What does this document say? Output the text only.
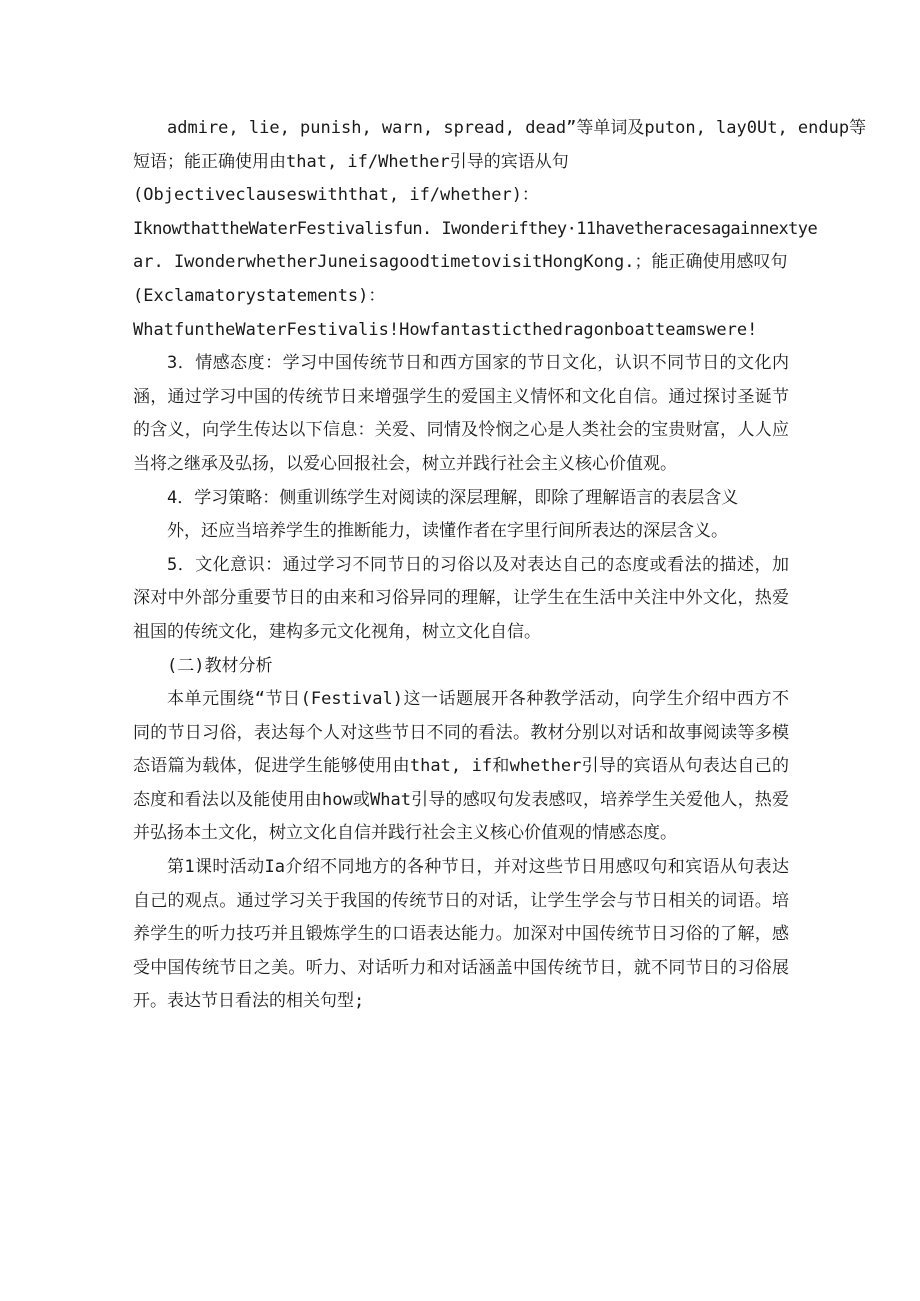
admire, lie, punish, warn, spread, dead”等单词及puton, lay0Ut, endup等
短语；能正确使用由that, if/Whether引导的宾语从句
(Objectiveclauseswiththat, if/whether)：
IknowthattheWaterFestivalisfun. Iwonderifthey·11havetheracesagainnextye
ar. IwonderwhetherJuneisagoodtimetovisitHongKong.；能正确使用感叹句
(Exclamatorystatements)：
WhatfuntheWaterFestivalis!Howfantasticthedragonboatteamswere!

3．情感态度：学习中国传统节日和西方国家的节日文化，认识不同节日的文化内涵，通过学习中国的传统节日来增强学生的爱国主义情怀和文化自信。通过探讨圣诞节的含义，向学生传达以下信息：关爱、同情及怜悯之心是人类社会的宝贵财富，人人应当将之继承及弘扬，以爱心回报社会，树立并践行社会主义核心价值观。

4．学习策略：侧重训练学生对阅读的深层理解，即除了理解语言的表层含义

外，还应当培养学生的推断能力，读懂作者在字里行间所表达的深层含义。

5．文化意识：通过学习不同节日的习俗以及对表达自己的态度或看法的描述，加深对中外部分重要节日的由来和习俗异同的理解，让学生在生活中关注中外文化，热爱祖国的传统文化，建构多元文化视角，树立文化自信。

(二)教材分析

本单元围绕“节日(Festival)这一话题展开各种教学活动，向学生介绍中西方不同的节日习俗，表达每个人对这些节日不同的看法。教材分别以对话和故事阅读等多模态语篇为载体，促进学生能够使用由that, if和whether引导的宾语从句表达自己的态度和看法以及能使用由how或What引导的感叹句发表感叹，培养学生关爱他人，热爱并弘扬本土文化，树立文化自信并践行社会主义核心价值观的情感态度。

第1课时活动Ia介绍不同地方的各种节日，并对这些节日用感叹句和宾语从句表达自己的观点。通过学习关于我国的传统节日的对话，让学生学会与节日相关的词语。培养学生的听力技巧并且锻炼学生的口语表达能力。加深对中国传统节日习俗的了解，感受中国传统节日之美。听力、对话听力和对话涵盖中国传统节日，就不同节日的习俗展开。表达节日看法的相关句型;
